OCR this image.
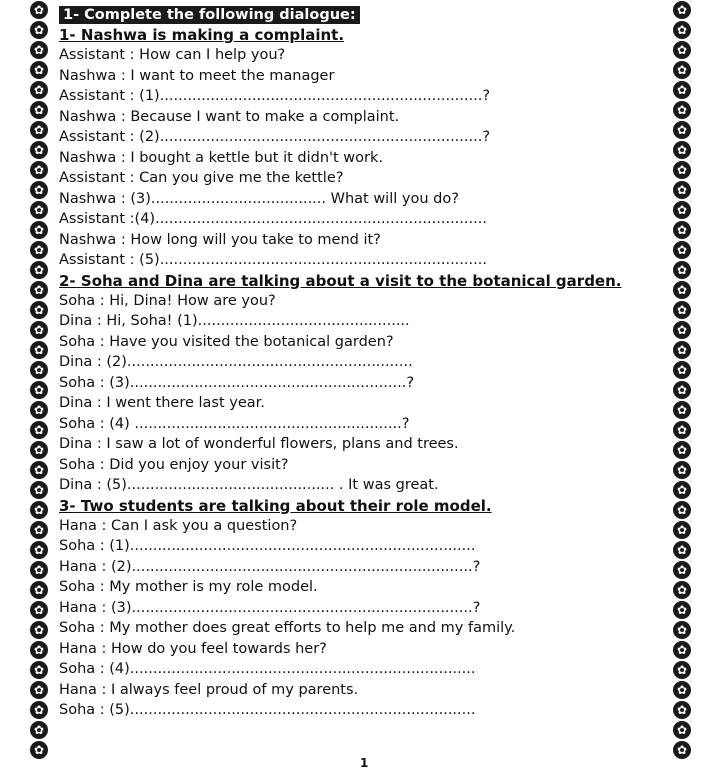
✿
✿
✿
✿
✿
✿
✿
✿
✿
✿
✿
✿
✿
✿
✿
✿
✿
✿
✿
✿
✿
✿
✿
✿
✿
✿
✿
✿
✿
✿
✿
✿
✿
✿
✿
✿
✿
✿
✿
✿
✿
✿
✿
✿
✿
✿
✿
✿
✿
✿
✿
✿
✿
✿
✿
✿
✿
✿
✿
✿
✿
✿
✿
✿
✿
✿
✿
✿
✿
✿
✿
✿
✿
✿
✿
✿
1- Complete the following dialogue:
1- Nashwa is making a complaint.
Assistant : How can I help you?
Nashwa : I want to meet the manager
Assistant : (1)......................................................................?
Nashwa : Because I want to make a complaint.
Assistant : (2)......................................................................?
Nashwa : I bought a kettle but it didn't work.
Assistant : Can you give me the kettle?
Nashwa : (3)...................................... What will you do?
Assistant :(4)........................................................................
Nashwa : How long will you take to mend it?
Assistant : (5).......................................................................
2- Soha and Dina are talking about a visit to the botanical garden.
Soha : Hi, Dina! How are you?
Dina : Hi, Soha! (1)..............................................
Soha : Have you visited the botanical garden?
Dina : (2)..............................................................
Soha : (3)............................................................?
Dina : I went there last year.
Soha : (4) ..........................................................?
Dina : I saw a lot of wonderful flowers, plans and trees.
Soha : Did you enjoy your visit?
Dina : (5)............................................. . It was great.
3- Two students are talking about their role model.
Hana : Can I ask you a question?
Soha : (1)...........................................................................
Hana : (2)..........................................................................?
Soha : My mother is my role model.
Hana : (3)..........................................................................?
Soha : My mother does great efforts to help me and my family.
Hana : How do you feel towards her?
Soha : (4)...........................................................................
Hana : I always feel proud of my parents.
Soha : (5)...........................................................................
1
